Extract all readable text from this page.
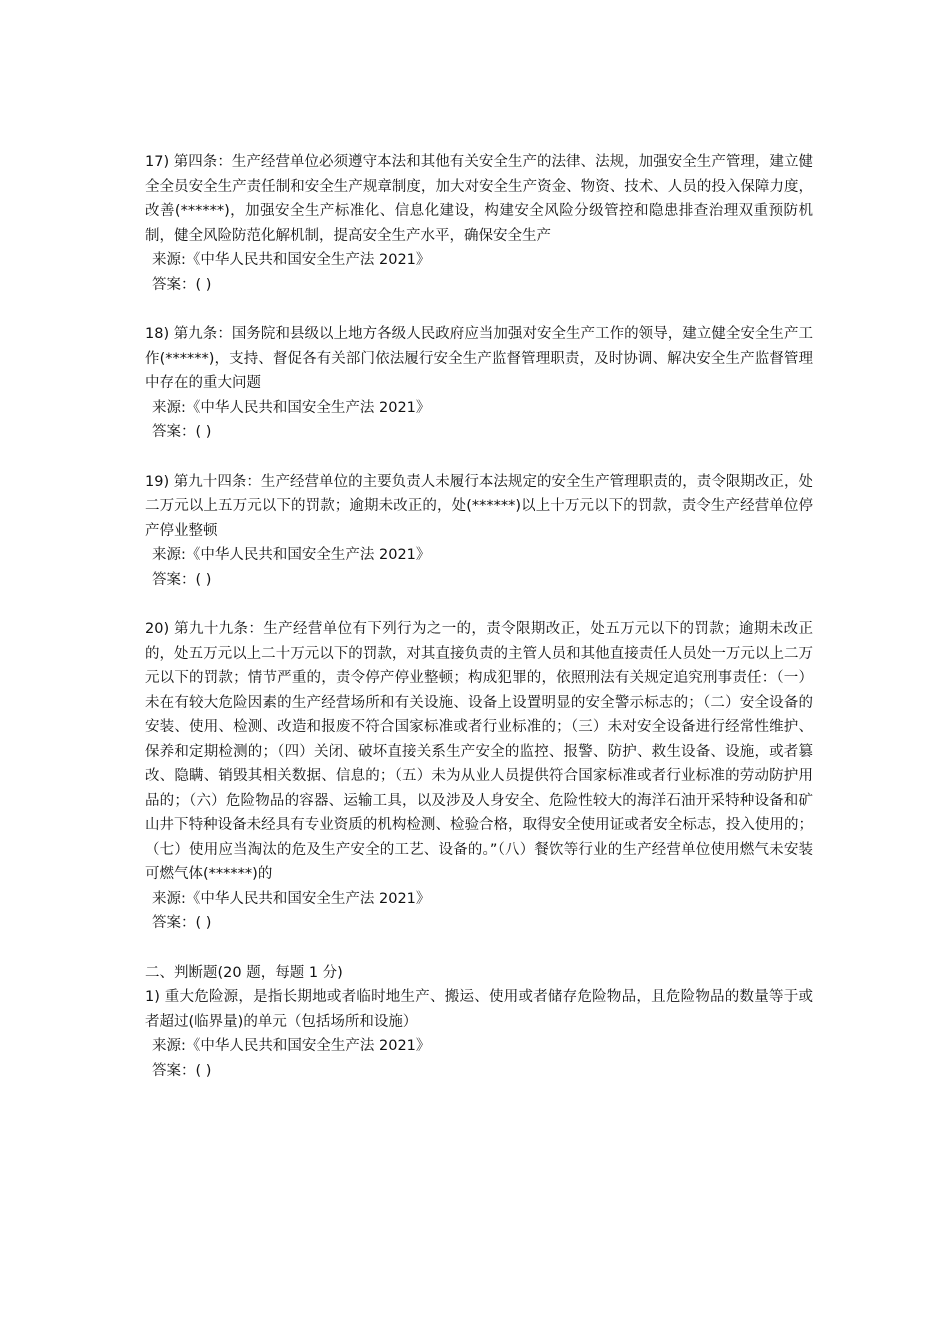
17) 第四条：生产经营单位必须遵守本法和其他有关安全生产的法律、法规，加强安全生产管理，建立健全全员安全生产责任制和安全生产规章制度，加大对安全生产资金、物资、技术、人员的投入保障力度，改善(******)，加强安全生产标准化、信息化建设，构建安全风险分级管控和隐患排查治理双重预防机制，健全风险防范化解机制，提高安全生产水平，确保安全生产

来源:《中华人民共和国安全生产法 2021》

答案：( )

18) 第九条：国务院和县级以上地方各级人民政府应当加强对安全生产工作的领导，建立健全安全生产工作(******)，支持、督促各有关部门依法履行安全生产监督管理职责，及时协调、解决安全生产监督管理中存在的重大问题

来源:《中华人民共和国安全生产法 2021》

答案：( )

19) 第九十四条：生产经营单位的主要负责人未履行本法规定的安全生产管理职责的，责令限期改正，处二万元以上五万元以下的罚款；逾期未改正的，处(******)以上十万元以下的罚款，责令生产经营单位停产停业整顿

来源:《中华人民共和国安全生产法 2021》

答案：( )

20) 第九十九条：生产经营单位有下列行为之一的，责令限期改正，处五万元以下的罚款；逾期未改正的，处五万元以上二十万元以下的罚款，对其直接负责的主管人员和其他直接责任人员处一万元以上二万元以下的罚款；情节严重的，责令停产停业整顿；构成犯罪的，依照刑法有关规定追究刑事责任：（一）未在有较大危险因素的生产经营场所和有关设施、设备上设置明显的安全警示标志的；（二）安全设备的安装、使用、检测、改造和报废不符合国家标准或者行业标准的；（三）未对安全设备进行经常性维护、保养和定期检测的；（四）关闭、破坏直接关系生产安全的监控、报警、防护、救生设备、设施，或者篡改、隐瞒、销毁其相关数据、信息的；（五）未为从业人员提供符合国家标准或者行业标准的劳动防护用品的；（六）危险物品的容器、运输工具，以及涉及人身安全、危险性较大的海洋石油开采特种设备和矿山井下特种设备未经具有专业资质的机构检测、检验合格，取得安全使用证或者安全标志，投入使用的；（七）使用应当淘汰的危及生产安全的工艺、设备的。”（八）餐饮等行业的生产经营单位使用燃气未安装可燃气体(******)的

来源:《中华人民共和国安全生产法 2021》

答案：( )

二、判断题(20 题，每题 1 分)

1) 重大危险源，是指长期地或者临时地生产、搬运、使用或者储存危险物品，且危险物品的数量等于或者超过(临界量)的单元（包括场所和设施）

来源:《中华人民共和国安全生产法 2021》

答案：( )
